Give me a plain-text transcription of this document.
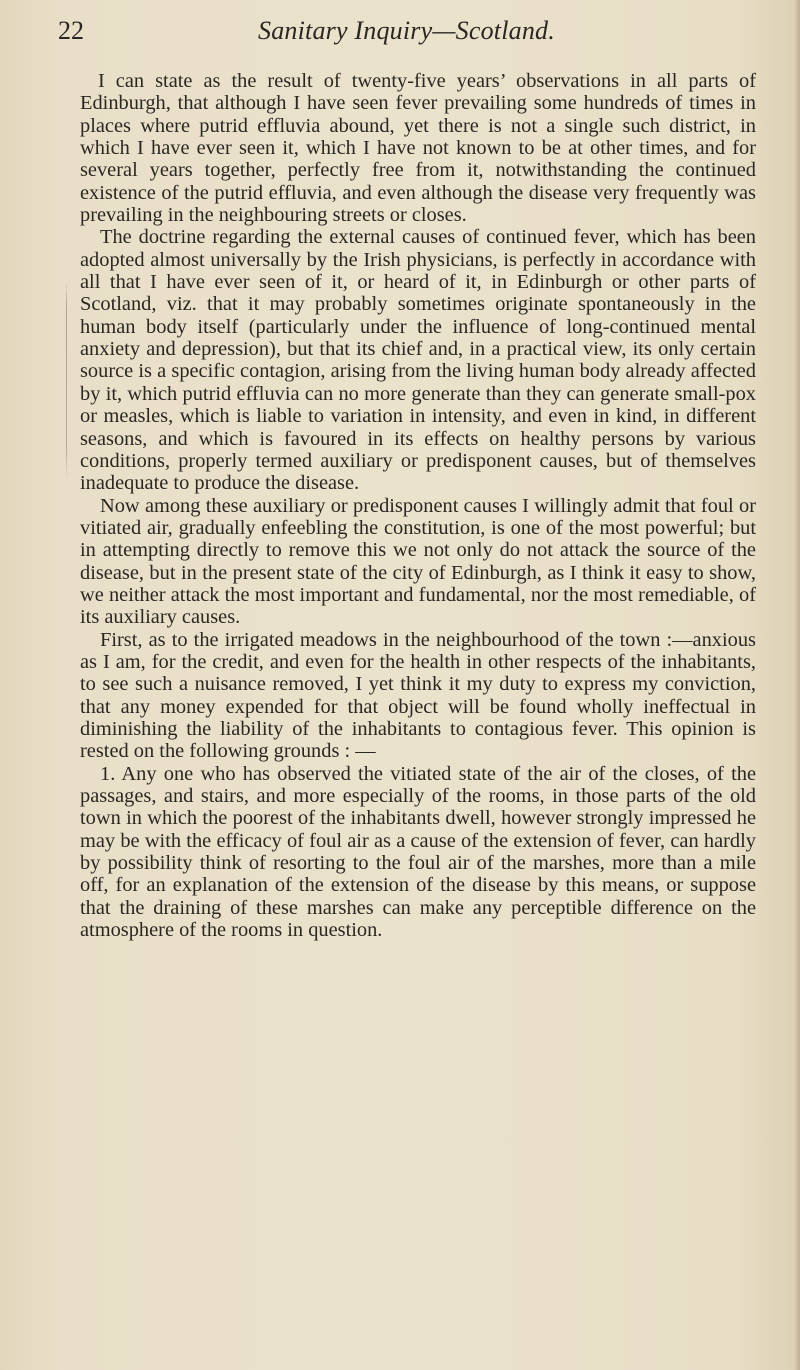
22	Sanitary Inquiry—Scotland.

I can state as the result of twenty-five years’ observations in all parts of Edinburgh, that although I have seen fever prevailing some hundreds of times in places where putrid effluvia abound, yet there is not a single such district, in which I have ever seen it, which I have not known to be at other times, and for several years together, perfectly free from it, notwithstanding the continued existence of the putrid effluvia, and even although the disease very frequently was prevailing in the neighbouring streets or closes.

The doctrine regarding the external causes of continued fever, which has been adopted almost universally by the Irish physicians, is perfectly in accordance with all that I have ever seen of it, or heard of it, in Edinburgh or other parts of Scotland, viz. that it may probably sometimes originate spontaneously in the human body itself (particularly under the influence of long-continued mental anxiety and depression), but that its chief and, in a practical view, its only certain source is a specific contagion, arising from the living human body already affected by it, which putrid effluvia can no more generate than they can generate small-pox or measles, which is liable to variation in intensity, and even in kind, in different seasons, and which is favoured in its effects on healthy persons by various conditions, properly termed auxiliary or predisponent causes, but of themselves inadequate to produce the disease.

Now among these auxiliary or predisponent causes I willingly admit that foul or vitiated air, gradually enfeebling the constitution, is one of the most powerful; but in attempting directly to remove this we not only do not attack the source of the disease, but in the present state of the city of Edinburgh, as I think it easy to show, we neither attack the most important and fundamental, nor the most remediable, of its auxiliary causes.

First, as to the irrigated meadows in the neighbourhood of the town :—anxious as I am, for the credit, and even for the health in other respects of the inhabitants, to see such a nuisance removed, I yet think it my duty to express my conviction, that any money expended for that object will be found wholly ineffectual in diminishing the liability of the inhabitants to contagious fever. This opinion is rested on the following grounds : —

1. Any one who has observed the vitiated state of the air of the closes, of the passages, and stairs, and more especially of the rooms, in those parts of the old town in which the poorest of the inhabitants dwell, however strongly impressed he may be with the efficacy of foul air as a cause of the extension of fever, can hardly by possibility think of resorting to the foul air of the marshes, more than a mile off, for an explanation of the extension of the disease by this means, or suppose that the draining of these marshes can make any perceptible difference on the atmosphere of the rooms in question.
